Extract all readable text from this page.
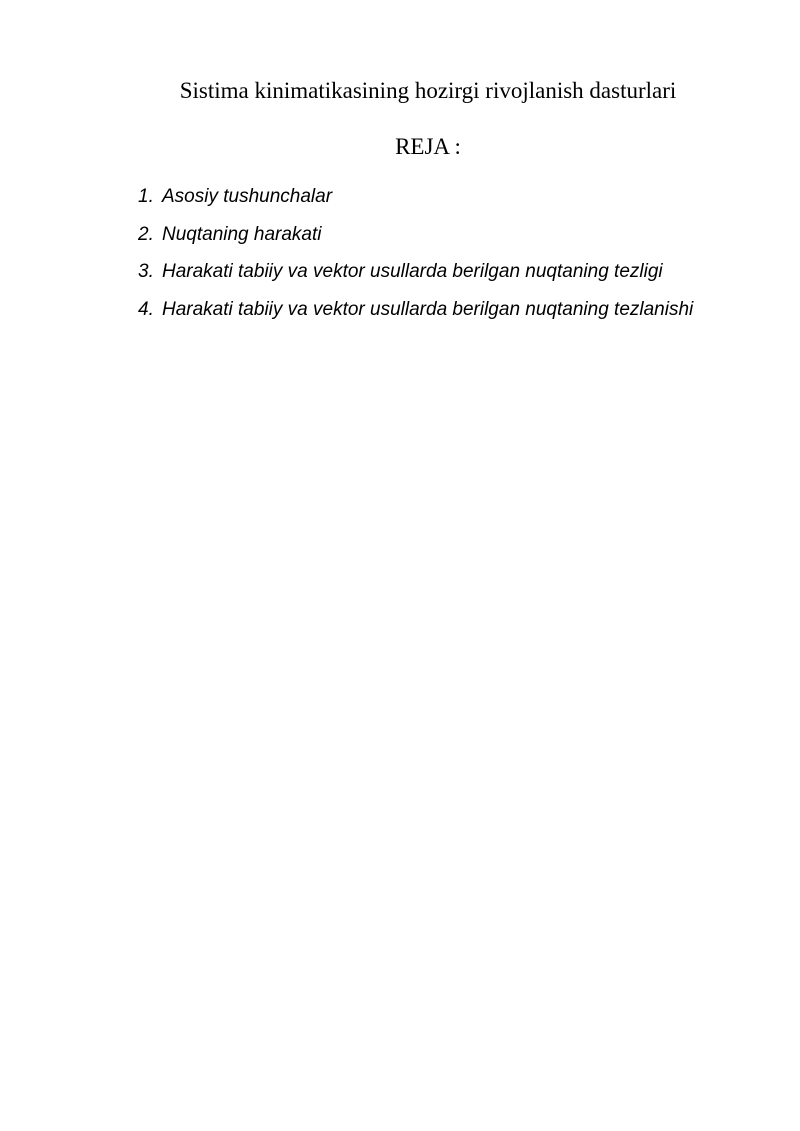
Sistima kinimatikasining hozirgi rivojlanish dasturlari
REJA :
1. Asosiy tushunchalar
2. Nuqtaning harakati
3. Harakati tabiiy va vektor usullarda berilgan nuqtaning tezligi
4. Harakati tabiiy va vektor usullarda berilgan nuqtaning tezlanishi
